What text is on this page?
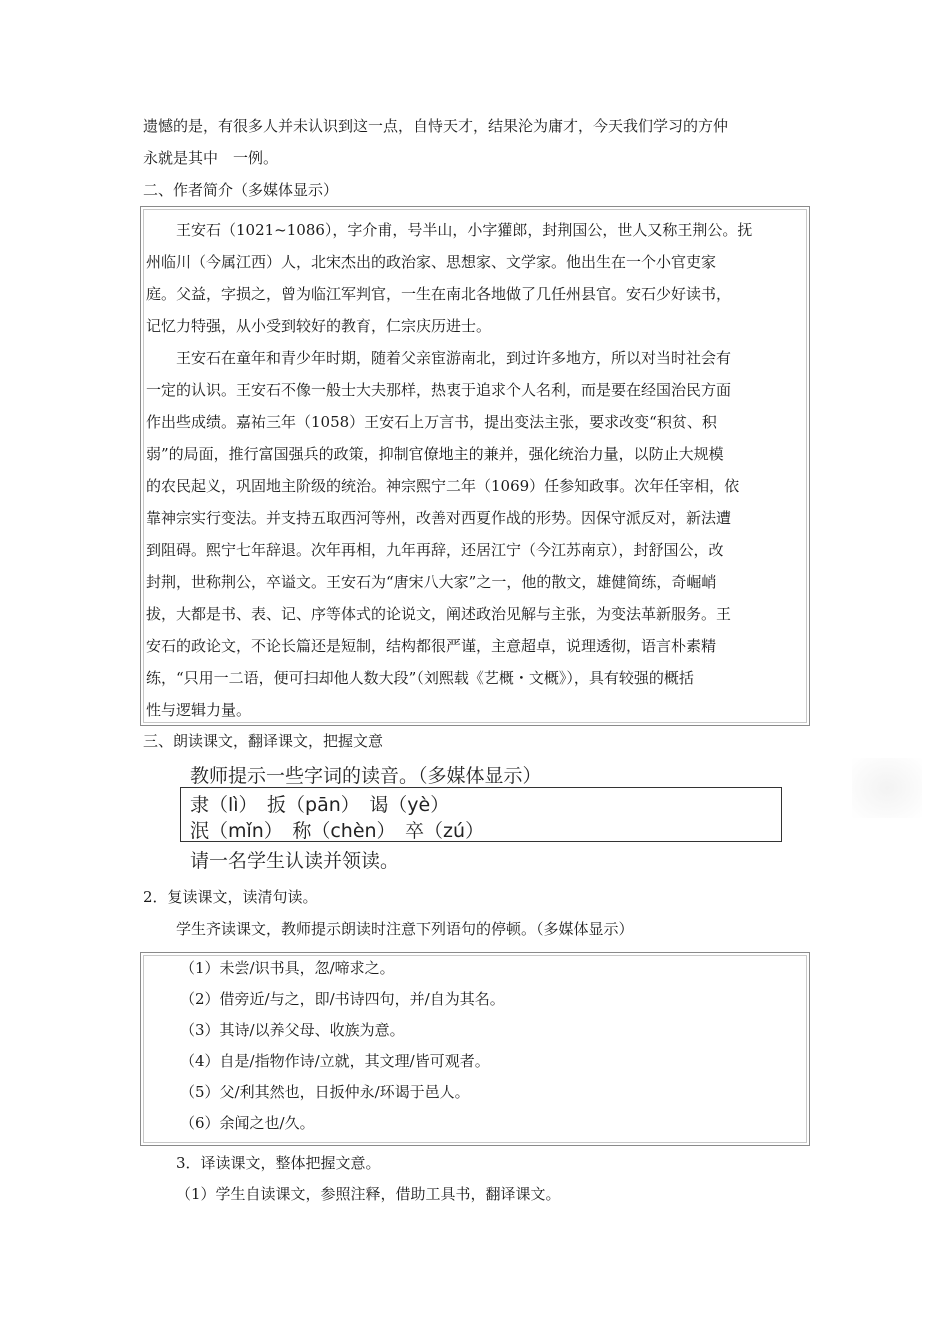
遗憾的是，有很多人并未认识到这一点，自恃天才，结果沦为庸才，今天我们学习的方仲

永就是其中　一例。

二、作者简介（多媒体显示）

　　王安石（1021~1086），字介甫，号半山，小字獾郎，封荆国公，世人又称王荆公。抚

州临川（今属江西）人，北宋杰出的政治家、思想家、文学家。他出生在一个小官吏家

庭。父益，字损之，曾为临江军判官，一生在南北各地做了几任州县官。安石少好读书，

记忆力特强，从小受到较好的教育，仁宗庆历进士。

　　王安石在童年和青少年时期，随着父亲宦游南北，到过许多地方，所以对当时社会有

一定的认识。王安石不像一般士大夫那样，热衷于追求个人名利，而是要在经国治民方面

作出些成绩。嘉祐三年（1058）王安石上万言书，提出变法主张，要求改变“积贫、积

弱”的局面，推行富国强兵的政策，抑制官僚地主的兼并，强化统治力量，以防止大规模

的农民起义，巩固地主阶级的统治。神宗熙宁二年（1069）任参知政事。次年任宰相，依

靠神宗实行变法。并支持五取西河等州，改善对西夏作战的形势。因保守派反对，新法遭

到阻碍。熙宁七年辞退。次年再相，九年再辞，还居江宁（今江苏南京），封舒国公，改

封荆，世称荆公，卒谥文。王安石为“唐宋八大家”之一，他的散文，雄健简练，奇崛峭

拔，大都是书、表、记、序等体式的论说文，阐述政治见解与主张，为变法革新服务。王

安石的政论文，不论长篇还是短制，结构都很严谨，主意超卓，说理透彻，语言朴素精

练，“只用一二语，便可扫却他人数大段”（刘熙载《艺概・文概》），具有较强的概括

性与逻辑力量。

三、朗读课文，翻译课文，把握文意

教师提示一些字词的读音。（多媒体显示）

隶（lì）　扳（pān）　谒（yè）

泯（mǐn）　称（chèn）　卒（zú）

请一名学生认读并领读。

2．复读课文，读清句读。

学生齐读课文，教师提示朗读时注意下列语句的停顿。（多媒体显示）

（1）未尝/识书具，忽/啼求之。

（2）借旁近/与之，即/书诗四句，并/自为其名。

（3）其诗/以养父母、收族为意。

（4）自是/指物作诗/立就，其文理/皆可观者。

（5）父/利其然也，日扳仲永/环谒于邑人。

（6）余闻之也/久。

3．译读课文，整体把握文意。

（1）学生自读课文，参照注释，借助工具书，翻译课文。
